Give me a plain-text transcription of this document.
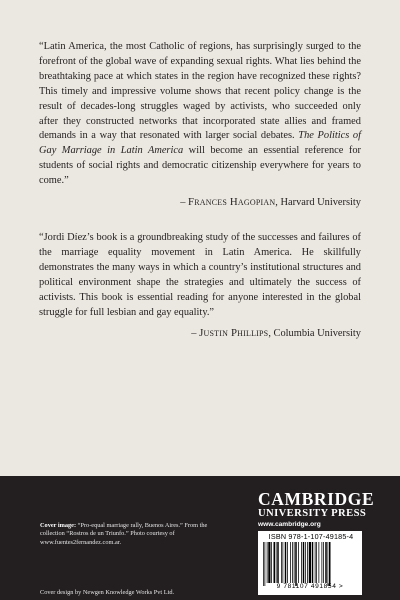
“Latin America, the most Catholic of regions, has surprisingly surged to the forefront of the global wave of expanding sexual rights. What lies behind the breathtaking pace at which states in the region have recognized these rights? This timely and impressive volume shows that recent policy change is the result of decades-long struggles waged by activists, who succeeded only after they constructed networks that incorporated state allies and framed demands in a way that resonated with larger social debates. The Politics of Gay Marriage in Latin America will become an essential reference for students of social rights and democratic citizenship everywhere for years to come.”

– Frances Hagopian, Harvard University

“Jordi Díez’s book is a groundbreaking study of the successes and failures of the marriage equality movement in Latin America. He skillfully demonstrates the many ways in which a country’s institutional structures and political environment shape the strategies and ultimately the success of activists. This book is essential reading for anyone interested in the global struggle for full lesbian and gay equality.”

– Justin Phillips, Columbia University

Cover image: “Pro-equal marriage rally, Buenos Aires.” From the collection “Rostros de un Triunfo.” Photo courtesy of www.fuentes2fernandez.com.ar.
Cover design by Newgen Knowledge Works Pvt Ltd.
CAMBRIDGE
UNIVERSITY PRESS
www.cambridge.org
ISBN 978-1-107-49185-4
9 781107 491854 >
